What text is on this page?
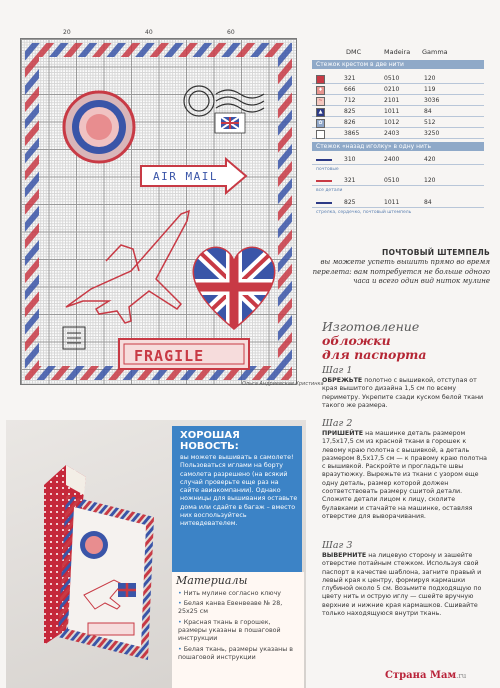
AIR MAIL
FRAGILE
20	40	60
Ольга Андриевская Кристинка
DMC	Madeira Gamma
Стежок крестом в две нити
321	0510	120
♦	666	0210	119
~	712	2101	3036
▲	825	1011	84
✿	826	1012	512
3865	2403	3250
Стежок «назад иголку» в одну нить
310	2400	420
почтовые
321	0510	120
все детали
825	1011	84
стрелка, сердечко, почтовый штемпель
ПОЧТОВЫЙ ШТЕМПЕЛЬ
вы можете успеть вышить прямо во время перелета: вам потребуется не больше одного часа и всего один вид ниток мулине
Изготовление
обложки
для паспорта
Шаг 1
ОБРЕЖЬТЕ полотно с вышивкой, отступая от края вышитого дизайна 1,5 см по всему периметру. Укрепите сзади куском белой ткани такого же размера.
Шаг 2
ПРИШЕЙТЕ на машинке деталь размером 17,5x17,5 см из красной ткани в горошек к левому краю полотна с вышивкой, а деталь размером 8,5x17,5 см — к правому краю полотна с вышивкой. Раскройте и прогладьте швы вразутюжку. Вырежьте из ткани с узором еще одну деталь, размер которой должен соответствовать размеру сшитой детали. Сложите детали лицом к лицу, сколите булавками и стачайте на машинке, оставляя отверстие для выворачивания.
Шаг 3
ВЫВЕРНИТЕ на лицевую сторону и зашейте отверстие потайным стежком. Используя свой паспорт в качестве шаблона, загните правый и левый края к центру, формируя кармашки глубиной около 5 см. Возьмите подходящую по цвету нить и острую иглу — сшейте вручную верхние и нижние края кармашков. Сшивайте только находящуюся внутри ткань.
ХОРОШАЯ
НОВОСТЬ:
вы можете вышивать в самолете! Пользоваться иглами на борту самолета разрешено (на всякий случай проверьте еще раз на сайте авиакомпании). Однако ножницы для вышивания оставьте дома или сдайте в багаж – вместо них воспользуйтесь нитевдевателем.
Материалы
• Нить мулине согласно ключу
• Белая канва Евенвеаве № 28, 25x25 см
• Красная ткань в горошек, размеры указаны в пошаговой инструкции
• Белая ткань, размеры указаны в пошаговой инструкции
Страна Мам.ru
